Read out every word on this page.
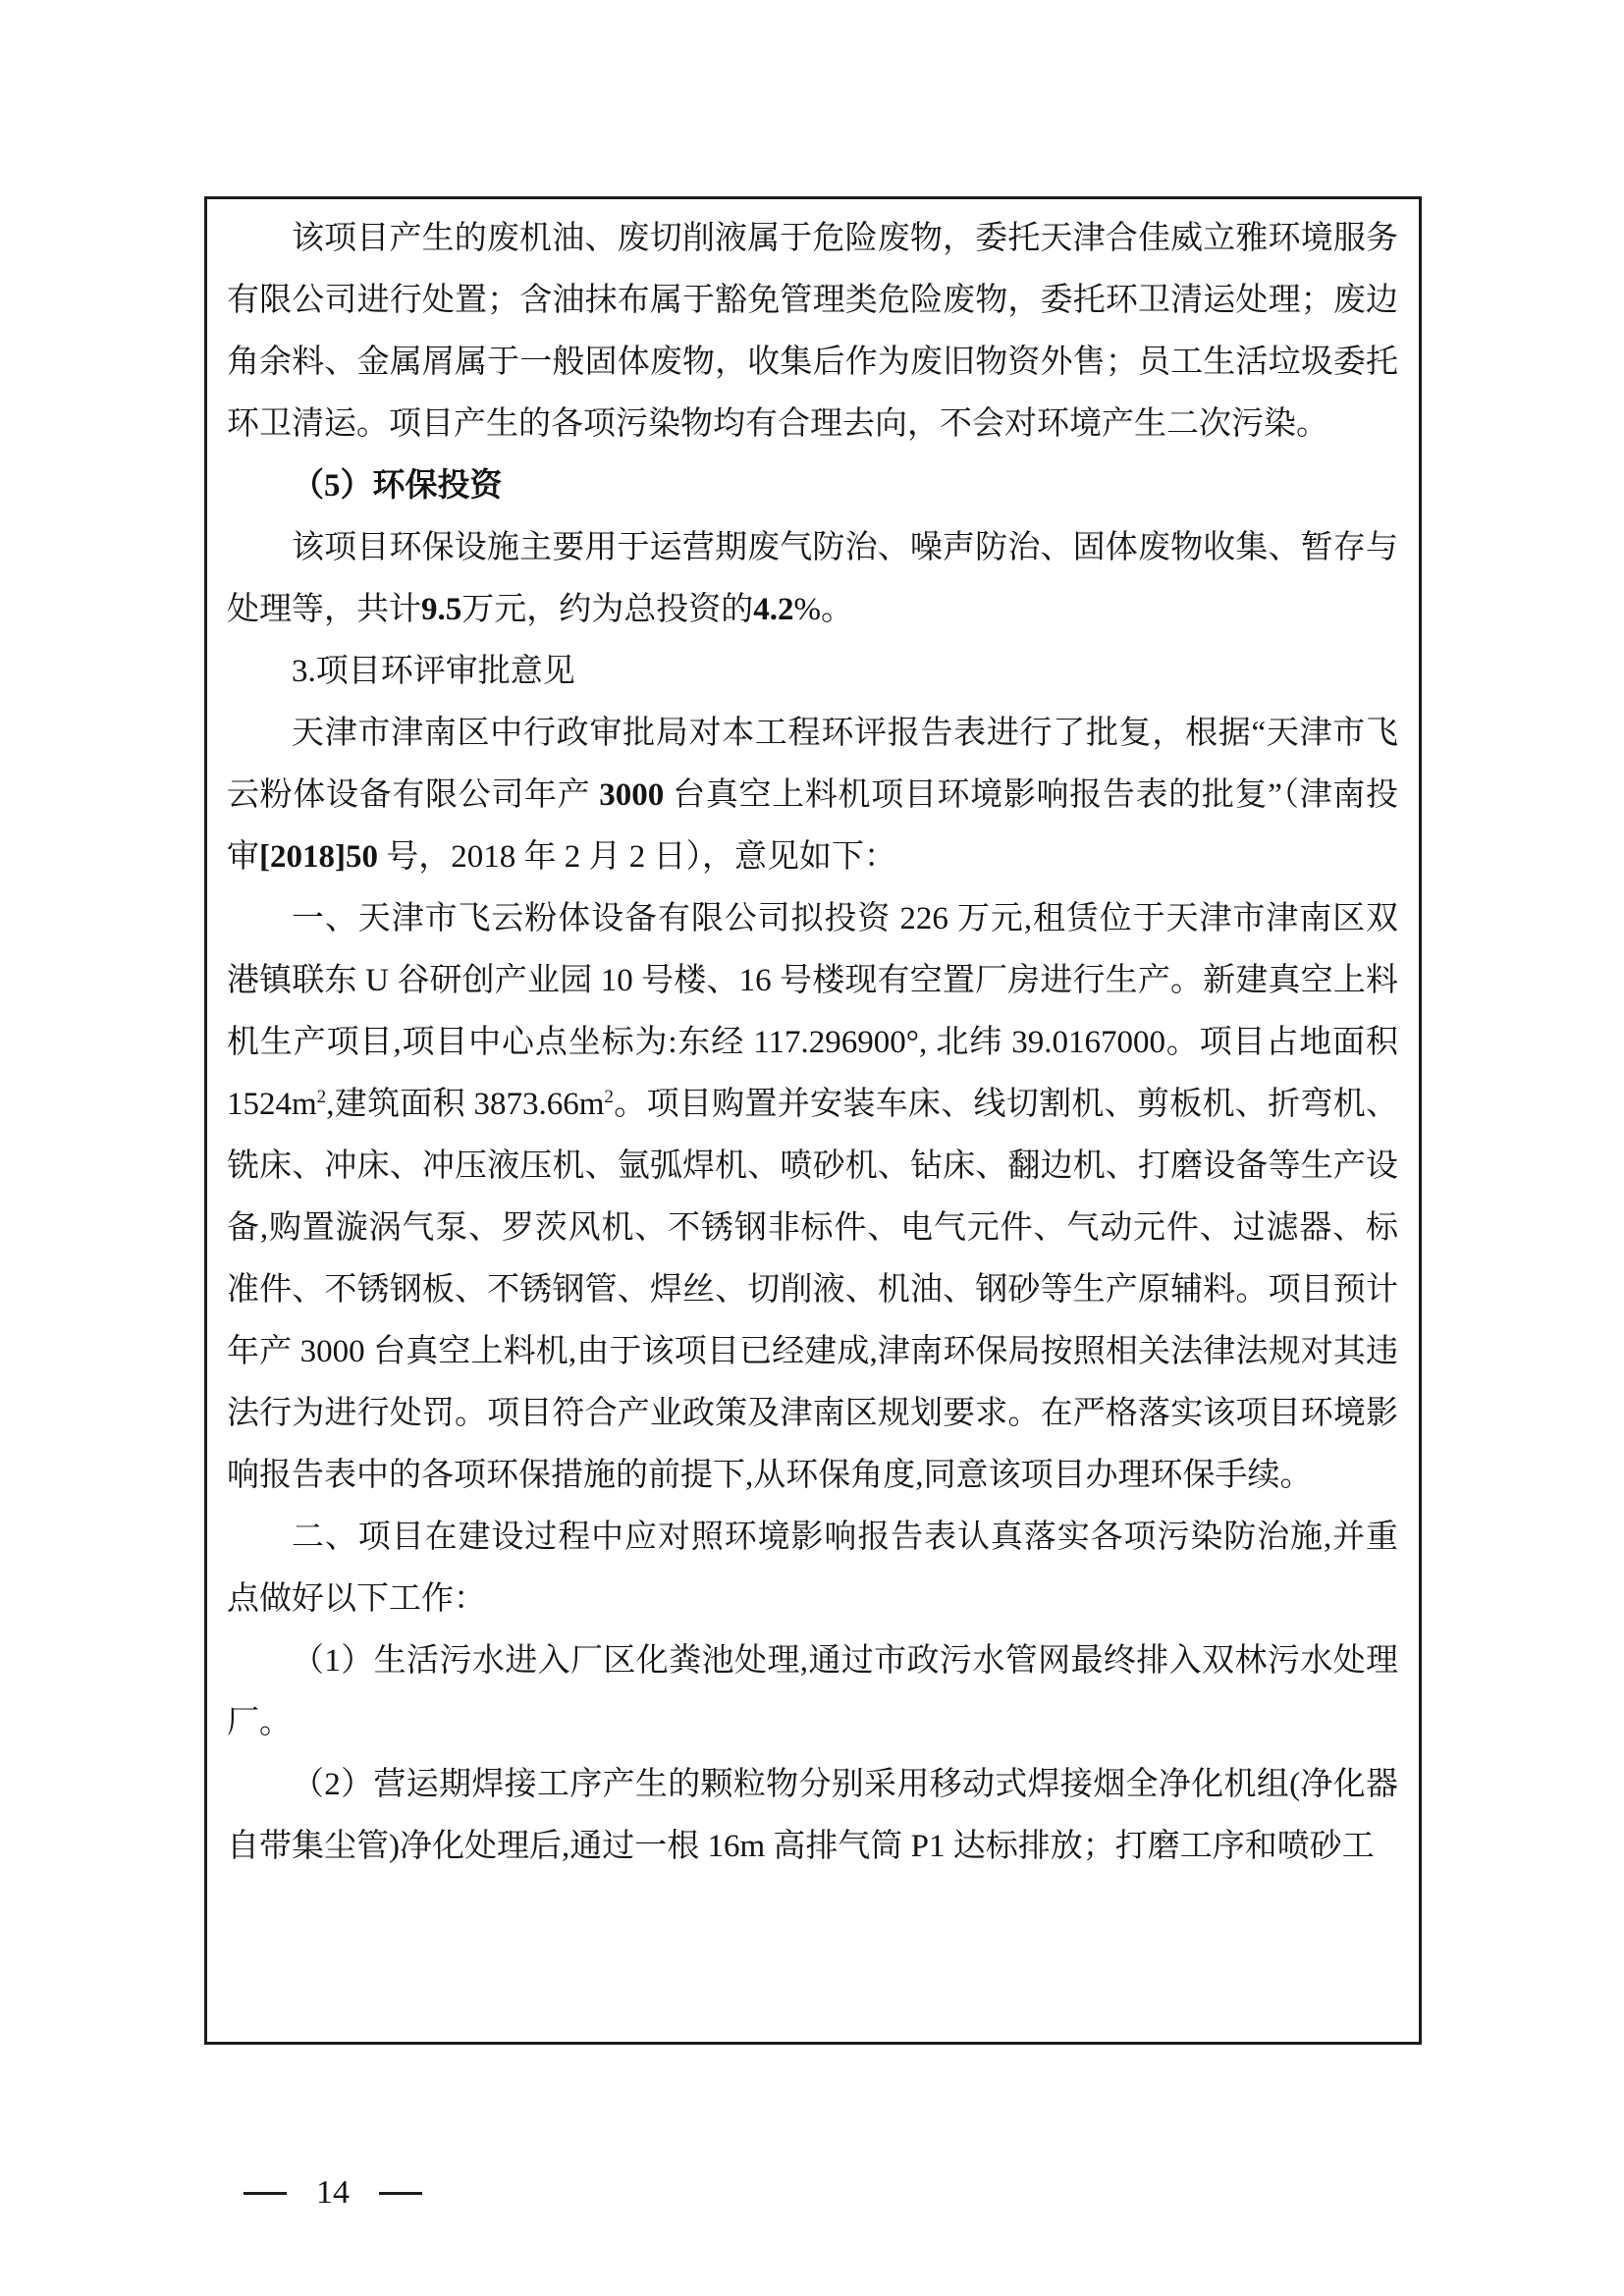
该项目产生的废机油、废切削液属于危险废物，委托天津合佳威立雅环境服务有限公司进行处置；含油抹布属于豁免管理类危险废物，委托环卫清运处理；废边角余料、金属屑属于一般固体废物，收集后作为废旧物资外售；员工生活垃圾委托环卫清运。项目产生的各项污染物均有合理去向，不会对环境产生二次污染。

（5）环保投资

该项目环保设施主要用于运营期废气防治、噪声防治、固体废物收集、暂存与处理等，共计9.5万元，约为总投资的4.2%。

3.项目环评审批意见

天津市津南区中行政审批局对本工程环评报告表进行了批复，根据“天津市飞云粉体设备有限公司年产 3000 台真空上料机项目环境影响报告表的批复”（津南投审[2018]50 号，2018 年 2 月 2 日），意见如下：

一、天津市飞云粉体设备有限公司拟投资 226 万元,租赁位于天津市津南区双港镇联东 U 谷研创产业园 10 号楼、16 号楼现有空置厂房进行生产。新建真空上料机生产项目,项目中心点坐标为:东经 117.296900°, 北纬 39.0167000。项目占地面积 $1524m^2$,建筑面积 $3873.66m^2$。项目购置并安装车床、线切割机、剪板机、折弯机、铣床、冲床、冲压液压机、氩弧焊机、喷砂机、钻床、翻边机、打磨设备等生产设备,购置漩涡气泵、罗茨风机、不锈钢非标件、电气元件、气动元件、过滤器、标准件、不锈钢板、不锈钢管、焊丝、切削液、机油、钢砂等生产原辅料。项目预计年产 3000 台真空上料机,由于该项目已经建成,津南环保局按照相关法律法规对其违法行为进行处罚。项目符合产业政策及津南区规划要求。在严格落实该项目环境影响报告表中的各项环保措施的前提下,从环保角度,同意该项目办理环保手续。

二、项目在建设过程中应对照环境影响报告表认真落实各项污染防治施,并重点做好以下工作：

（1）生活污水进入厂区化粪池处理,通过市政污水管网最终排入双林污水处理厂。

（2）营运期焊接工序产生的颗粒物分别采用移动式焊接烟全净化机组(净化器自带集尘管)净化处理后,通过一根 16m 高排气筒 P1 达标排放；打磨工序和喷砂工

14
